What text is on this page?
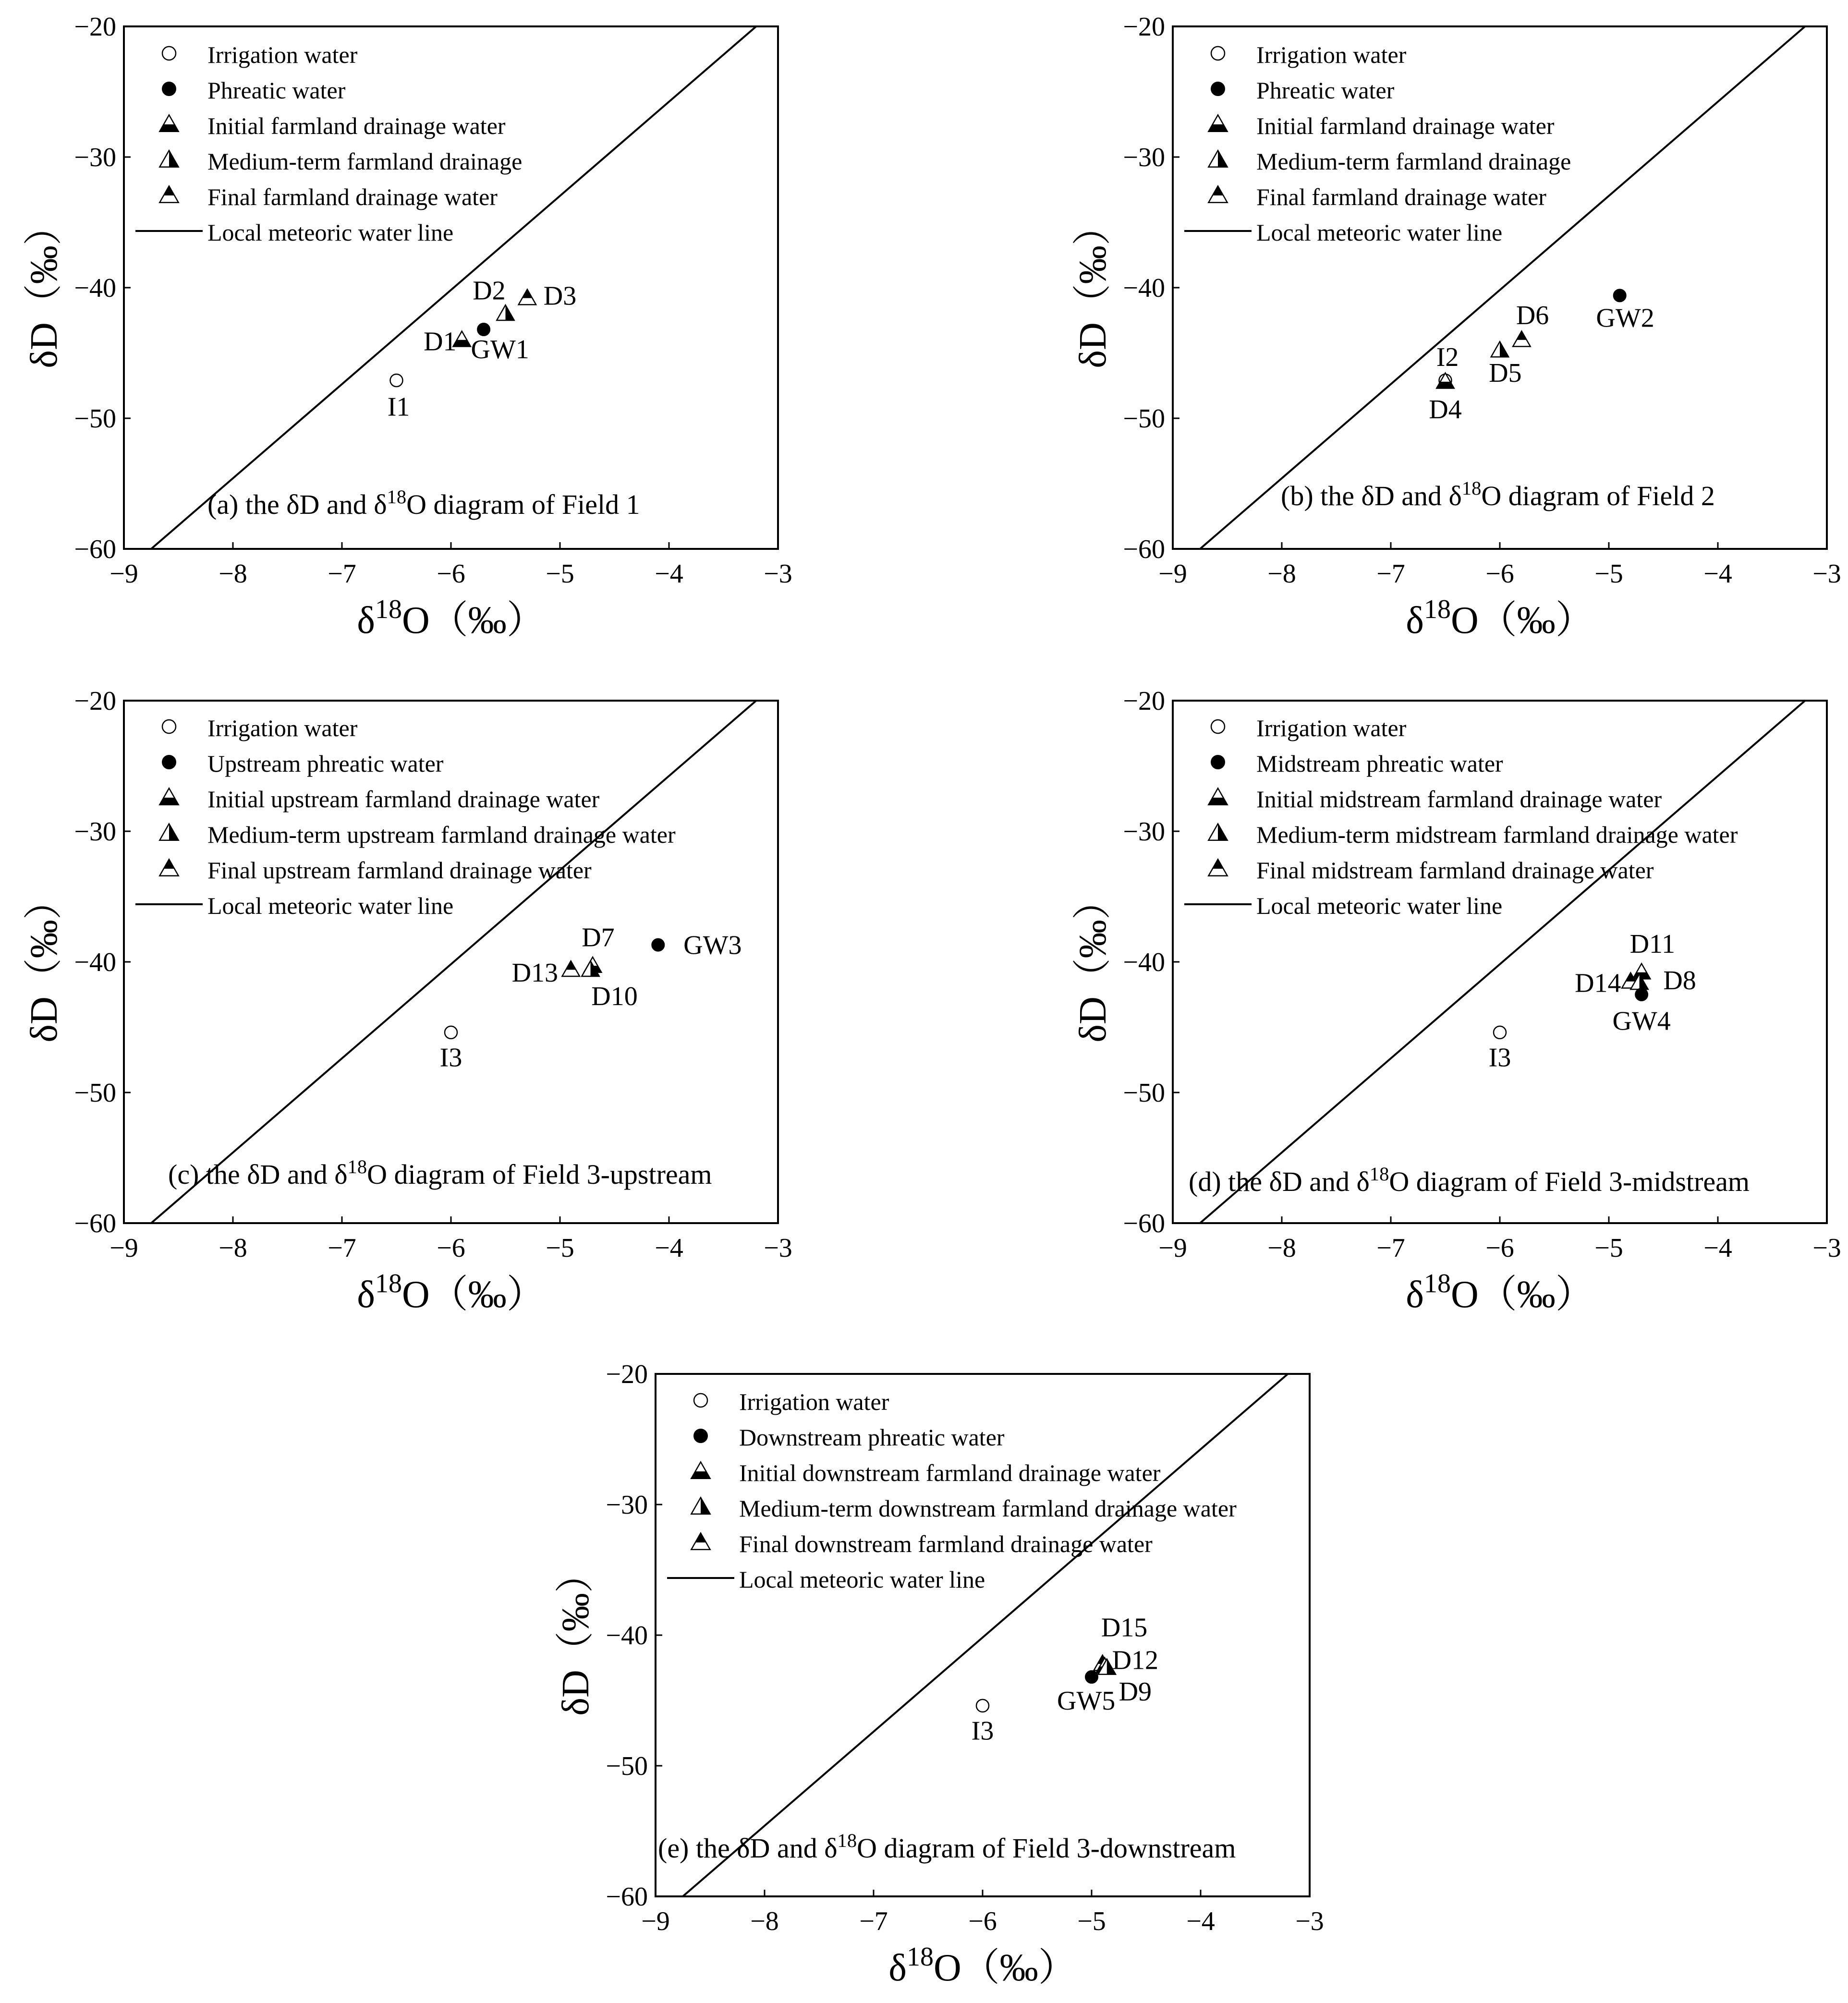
−9	−8	−7	−6	−5	−4	−3
−20
−30
−40
−50
−60
$\delta^{18}O(‰)$
δD（‰）
Irrigation water
Phreatic water
Initial farmland drainage water
Medium-term farmland drainage
Final farmland drainage water
Local meteoric water line
I1
GW1
D1
D2 D3
(a) the δD and $\delta^{18}O$ diagram of Field 1
−9	−8	−7	−6	−5	−4	−3
−20
−30
−40
−50
−60
$\delta^{18}O(‰)$
δD（‰）
Irrigation water
Phreatic water
Initial farmland drainage water
Medium-term farmland drainage
Final farmland drainage water
Local meteoric water line
I2
D4
D5
D6 GW2
(b) the δD and $\delta^{18}O$ diagram of Field 2
−9	−8	−7	−6	−5	−4	−3
−20
−30
−40
−50
−60
$\delta^{18}O(‰)$
δD（‰）
Irrigation water
Upstream phreatic water
Initial upstream farmland drainage water
Medium-term upstream farmland drainage water
Final upstream farmland drainage water
Local meteoric water line
I3
D13
D7
D10
GW3
(c) the δD and $\delta^{18}O$ diagram of Field 3-upstream
−9	−8	−7	−6	−5	−4	−3
−20
−30
−40
−50
−60
$\delta^{18}O(‰)$
δD（‰）
Irrigation water
Midstream phreatic water
Initial midstream farmland drainage water
Medium-term midstream farmland drainage water
Final midstream farmland drainage water
Local meteoric water line
I3
D11
D14 D8
GW4
(d) the δD and $\delta^{18}O$ diagram of Field 3-midstream
−9	−8	−7	−6	−5	−4	−3
−20
−30
−40
−50
−60
$\delta^{18}O(‰)$
δD（‰）
Irrigation water
Downstream phreatic water
Initial downstream farmland drainage water
Medium-term downstream farmland drainage water
Final downstream farmland drainage water
Local meteoric water line
I3
GW5
D15
D12
D9
(e) the δD and $\delta^{18}O$ diagram of Field 3-downstream
